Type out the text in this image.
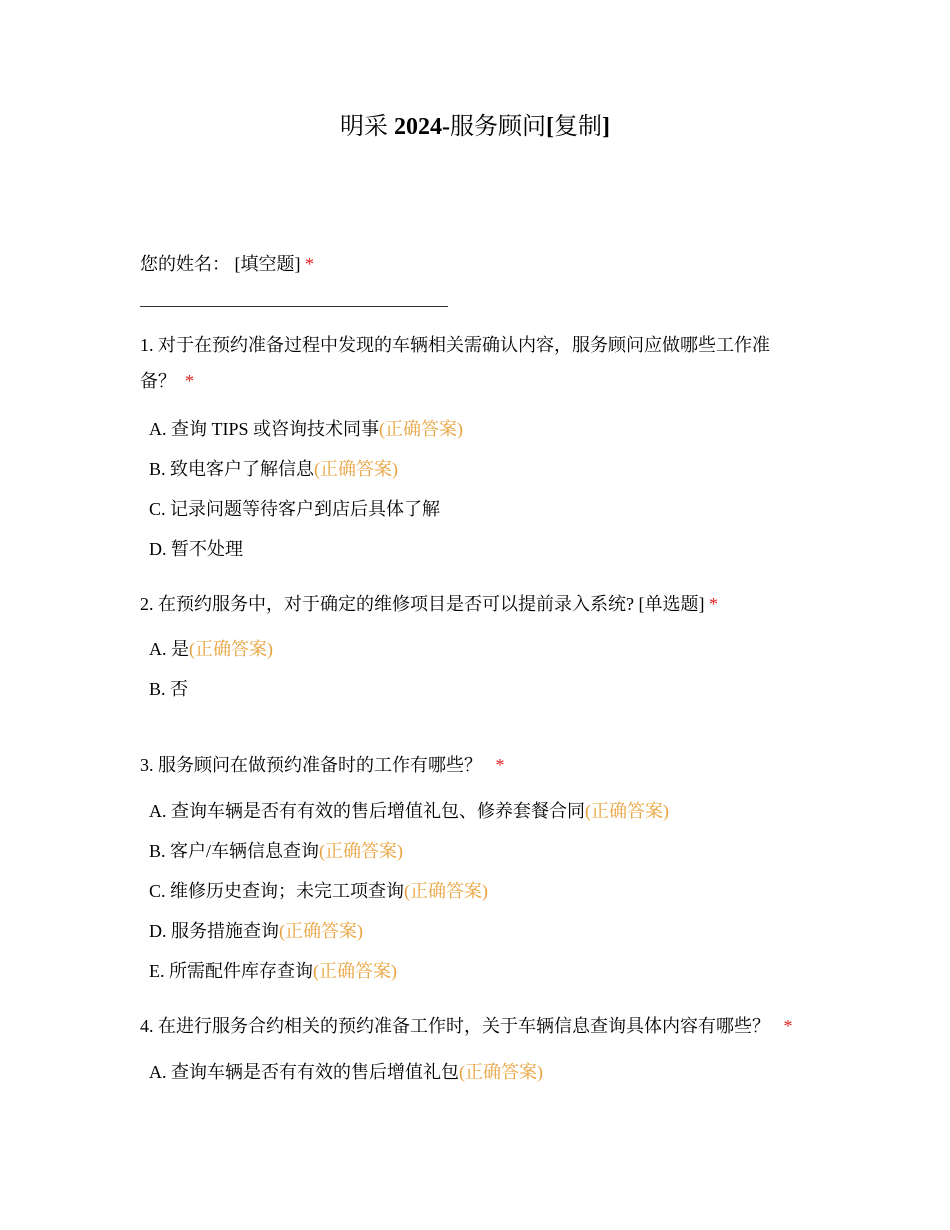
明采 2024-服务顾问[复制]
您的姓名： [填空题] *
1. 对于在预约准备过程中发现的车辆相关需确认内容，服务顾问应做哪些工作准备？ *
A. 查询 TIPS 或咨询技术同事(正确答案)
B. 致电客户了解信息(正确答案)
C. 记录问题等待客户到店后具体了解
D. 暂不处理
2. 在预约服务中，对于确定的维修项目是否可以提前录入系统? [单选题] *
A. 是(正确答案)
B. 否
3. 服务顾问在做预约准备时的工作有哪些？ *
A. 查询车辆是否有有效的售后增值礼包、修养套餐合同(正确答案)
B. 客户/车辆信息查询(正确答案)
C. 维修历史查询；未完工项查询(正确答案)
D. 服务措施查询(正确答案)
E. 所需配件库存查询(正确答案)
4. 在进行服务合约相关的预约准备工作时，关于车辆信息查询具体内容有哪些？ *
A. 查询车辆是否有有效的售后增值礼包(正确答案)
